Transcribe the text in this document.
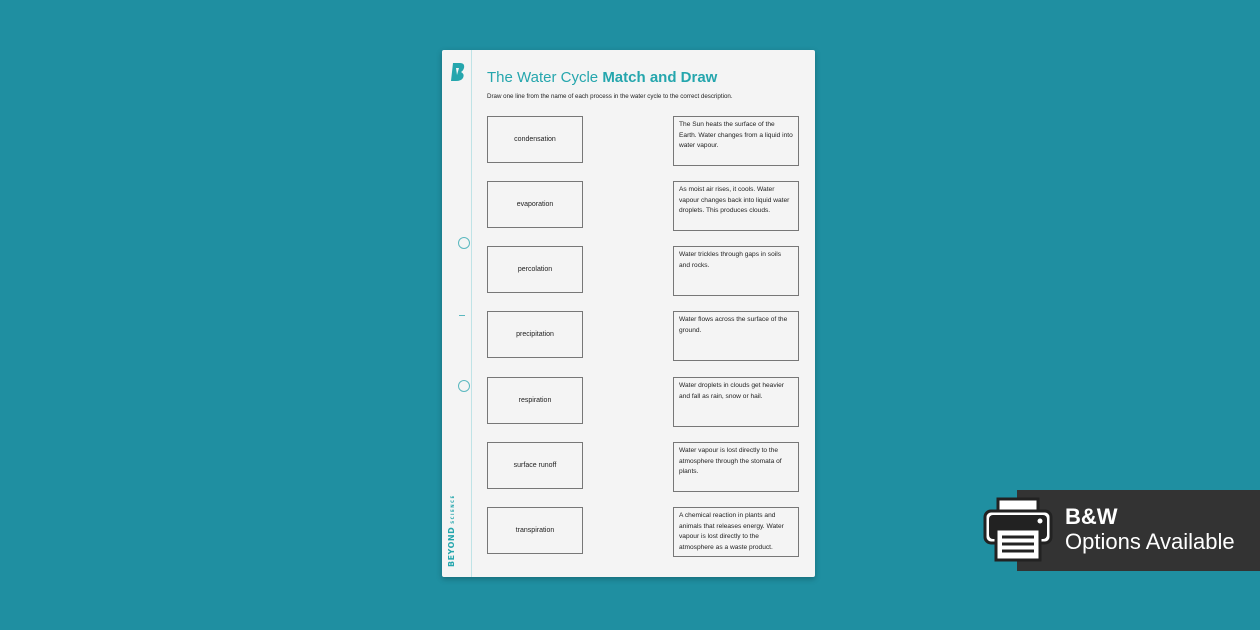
BEYONDSCIENCE
The Water Cycle Match and Draw
Draw one line from the name of each process in the water cycle to the correct description.
condensation
evaporation
percolation
precipitation
respiration
surface runoff
transpiration
The Sun heats the surface of the Earth. Water changes from a liquid into water vapour.
As moist air rises, it cools. Water vapour changes back into liquid water droplets. This produces clouds.
Water trickles through gaps in soils and rocks.
Water flows across the surface of the ground.
Water droplets in clouds get heavier and fall as rain, snow or hail.
Water vapour is lost directly to the atmosphere through the stomata of plants.
A chemical reaction in plants and animals that releases energy. Water vapour is lost directly to the atmosphere as a waste product.
B&W
Options Available
